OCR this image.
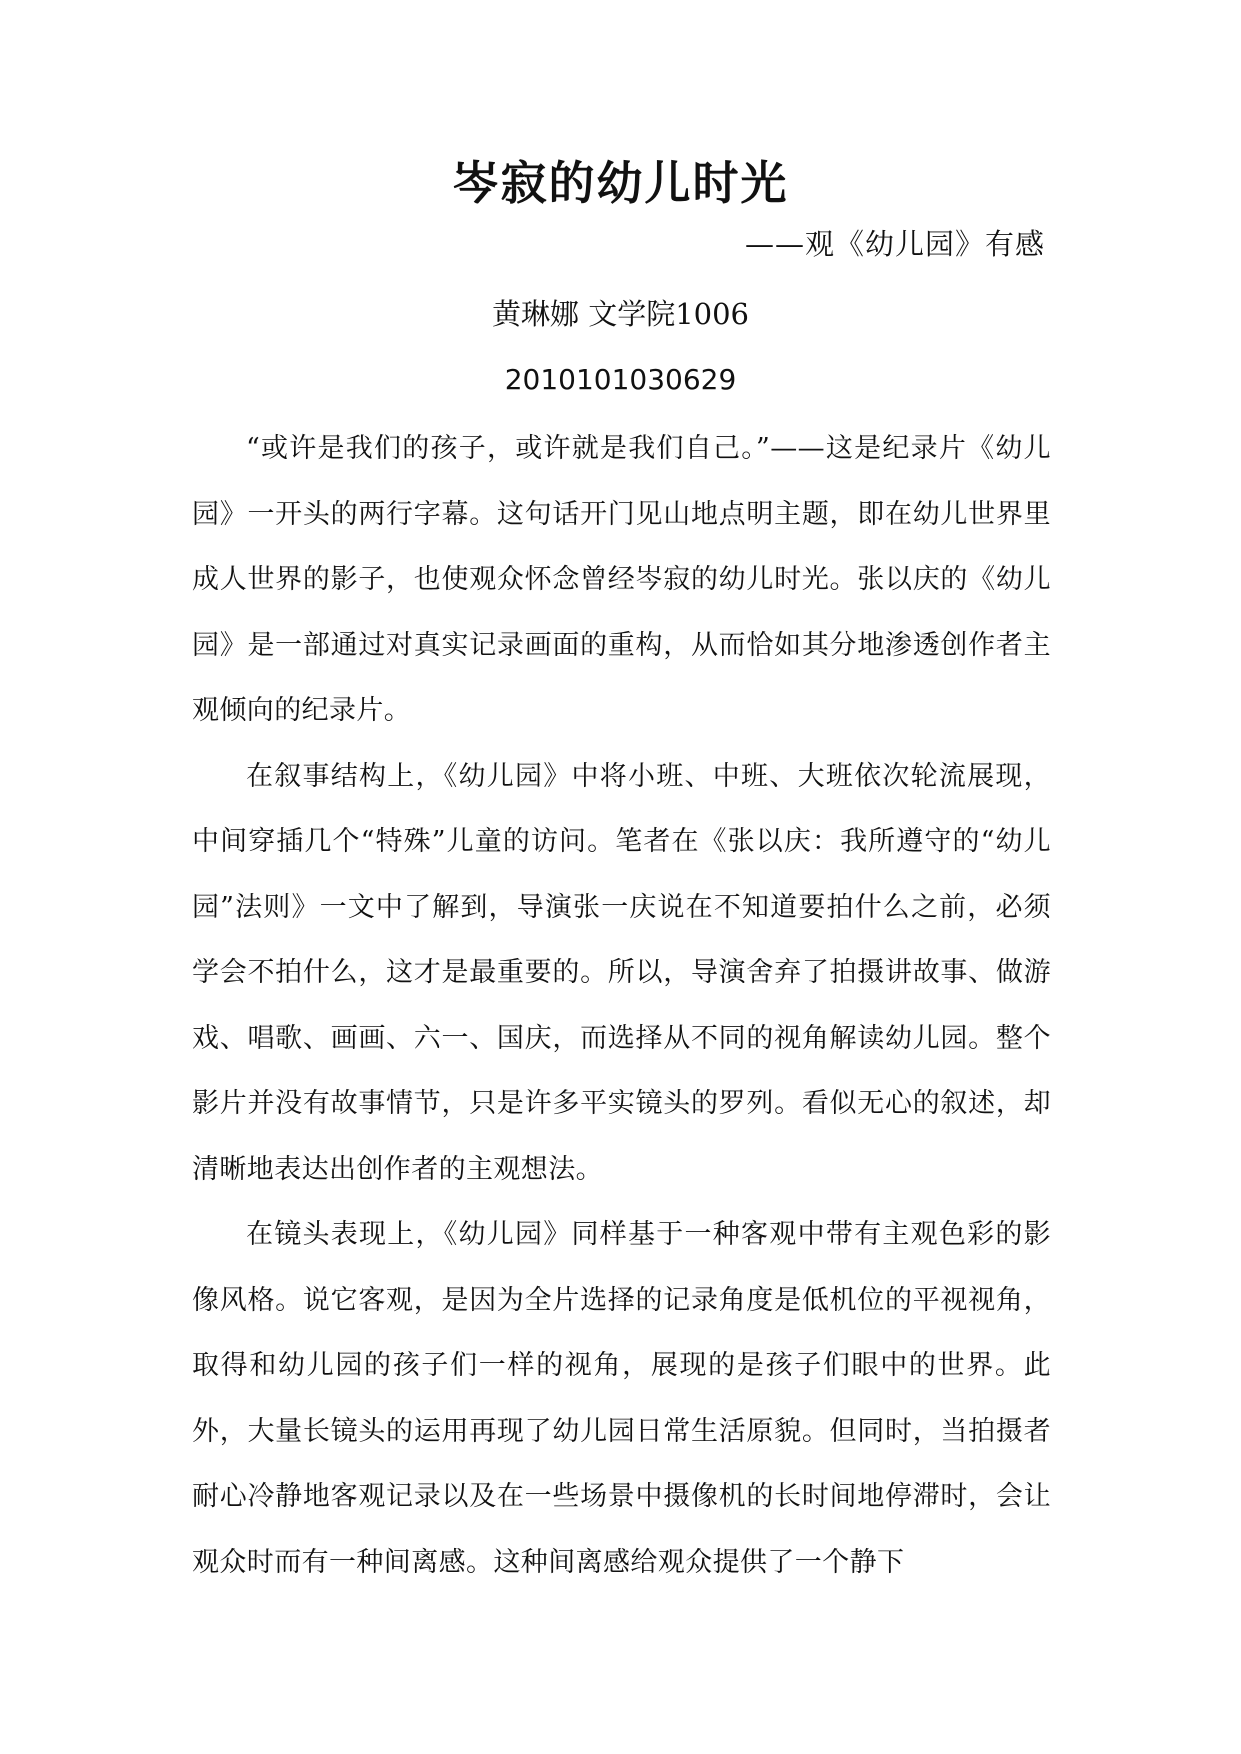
岑寂的幼儿时光
——观《幼儿园》有感
黄琳娜 文学院1006
2010101030629

“或许是我们的孩子，或许就是我们自己。”——这是纪录片《幼儿园》一开头的两行字幕。这句话开门见山地点明主题，即在幼儿世界里成人世界的影子，也使观众怀念曾经岑寂的幼儿时光。张以庆的《幼儿园》是一部通过对真实记录画面的重构，从而恰如其分地渗透创作者主观倾向的纪录片。

在叙事结构上，《幼儿园》中将小班、中班、大班依次轮流展现，中间穿插几个“特殊”儿童的访问。笔者在《张以庆：我所遵守的“幼儿园”法则》一文中了解到，导演张一庆说在不知道要拍什么之前，必须学会不拍什么，这才是最重要的。所以，导演舍弃了拍摄讲故事、做游戏、唱歌、画画、六一、国庆，而选择从不同的视角解读幼儿园。整个影片并没有故事情节，只是许多平实镜头的罗列。看似无心的叙述，却清晰地表达出创作者的主观想法。

在镜头表现上，《幼儿园》同样基于一种客观中带有主观色彩的影像风格。说它客观，是因为全片选择的记录角度是低机位的平视视角，取得和幼儿园的孩子们一样的视角，展现的是孩子们眼中的世界。此外，大量长镜头的运用再现了幼儿园日常生活原貌。但同时，当拍摄者耐心冷静地客观记录以及在一些场景中摄像机的长时间地停滞时，会让观众时而有一种间离感。这种间离感给观众提供了一个静下
